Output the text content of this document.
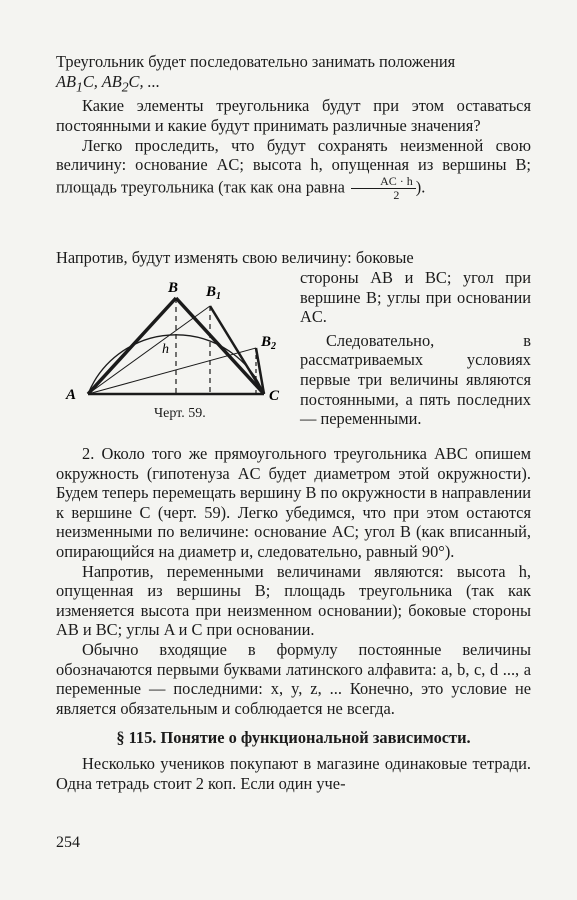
Треугольник будет последовательно занимать положения
$AB_1C$, $AB_2C$, ...

Какие элементы треугольника будут при этом оставаться постоянными и какие будут принимать различные значения?

Легко проследить, что будут сохранять неизменной свою величину: основание AC; высота h, опущенная из вершины B; площадь треугольника (так как она равна $\frac{AC \cdot h}{2}$ ).

Напротив, будут изменять свою величину: боковые

стороны AB и BC; угол при вершине B; углы при основании AC.

Следовательно, в рассматриваемых условиях первые три величины являются постоянными, а пять последних — переменными.

A	C
B $B_1$
$B_2$
h
Черт. 59.

2. Около того же прямоугольного треугольника ABC опишем окружность (гипотенуза AC будет диаметром этой окружности). Будем теперь перемещать вершину B по окружности в направлении к вершине C (черт. 59). Легко убедимся, что при этом остаются неизменными по величине: основание AC; угол B (как вписанный, опирающийся на диаметр и, следовательно, равный 90°).

Напротив, переменными величинами являются: высота h, опущенная из вершины B; площадь треугольника (так как изменяется высота при неизменном основании); боковые стороны AB и BC; углы A и C при основании.

Обычно входящие в формулу постоянные величины обозначаются первыми буквами латинского алфавита: a, b, c, d ..., а переменные — последними: x, y, z, ... Конечно, это условие не является обязательным и соблюдается не всегда.

§ 115. Понятие о функциональной зависимости.

Несколько учеников покупают в магазине одинаковые тетради. Одна тетрадь стоит 2 коп. Если один уче-

254
